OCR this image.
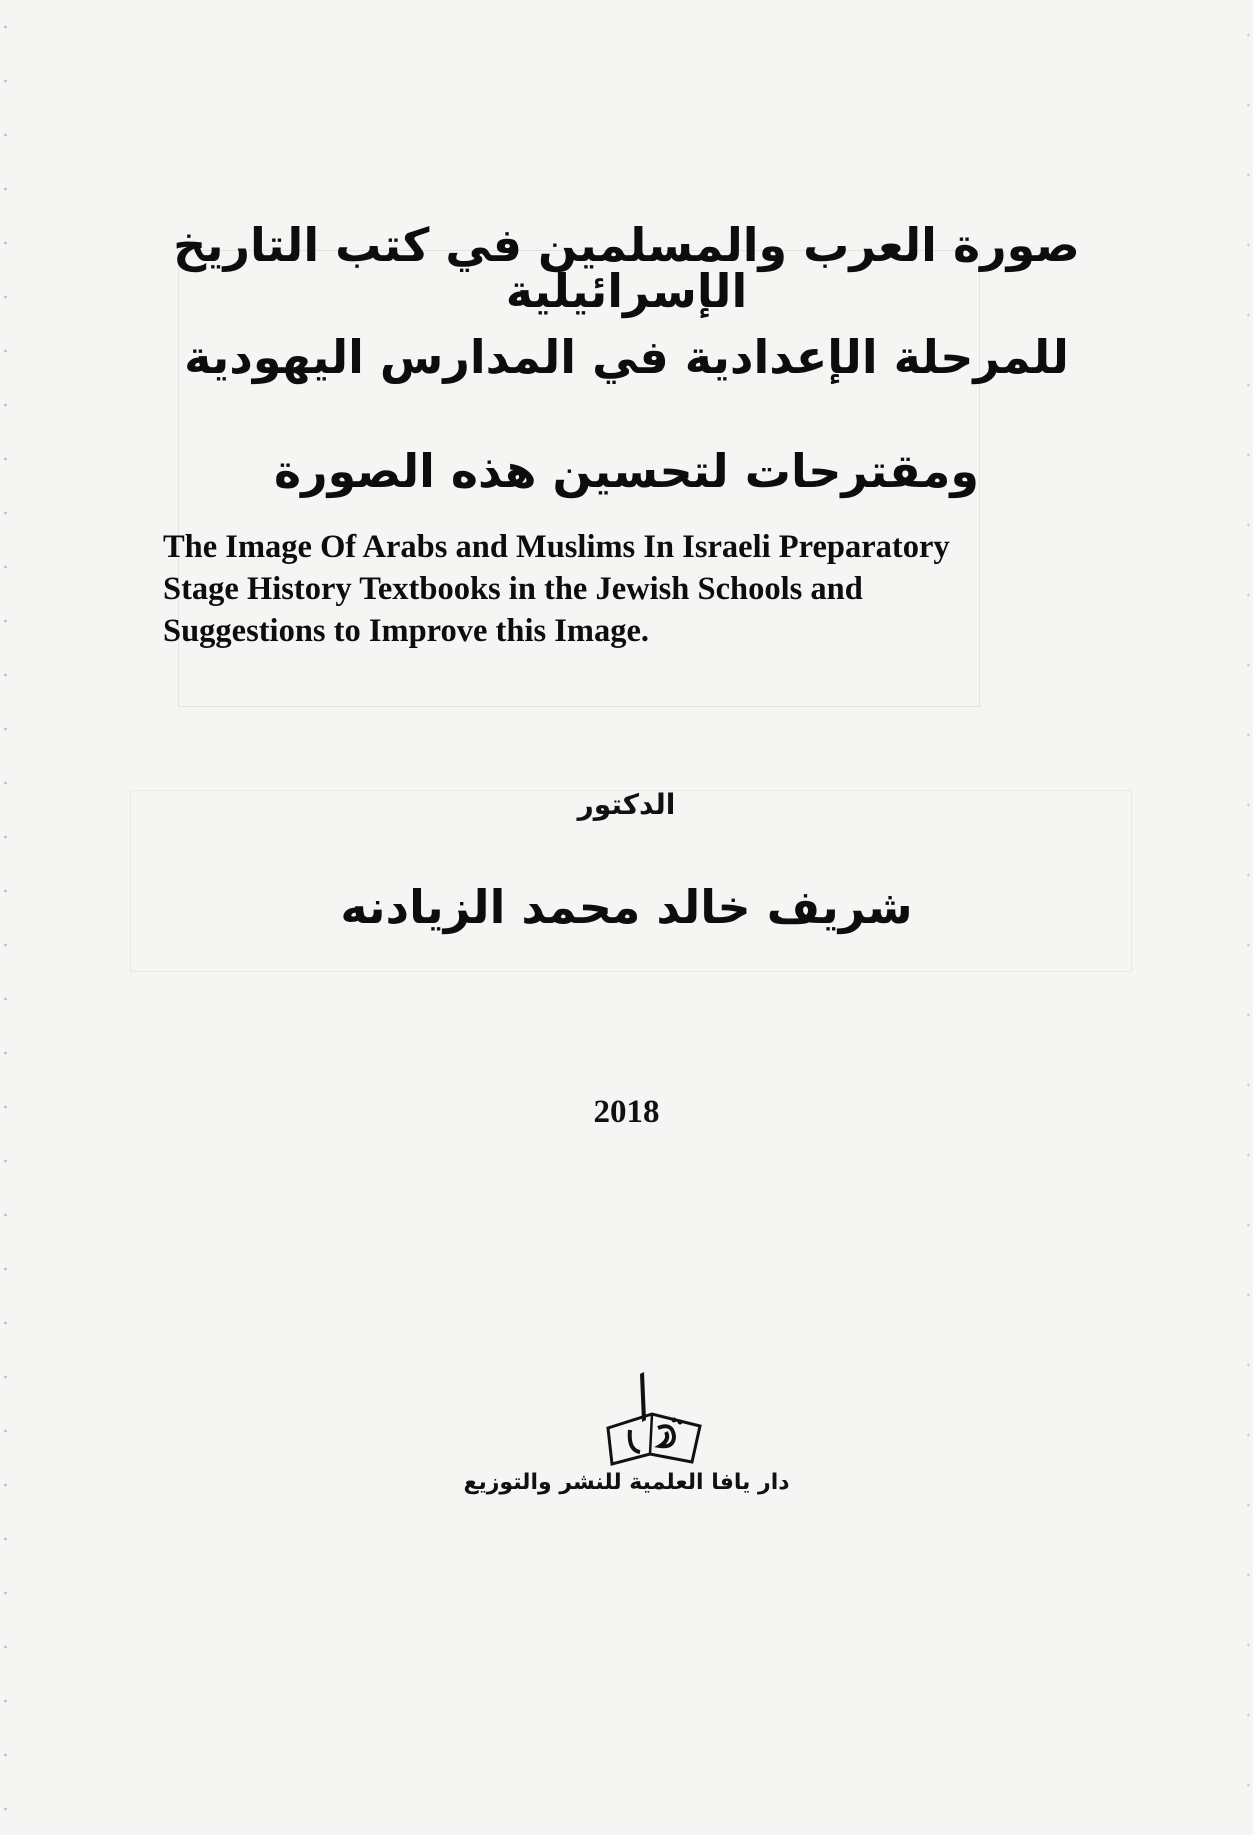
صورة العرب والمسلمين في كتب التاريخ الإسرائيلية
للمرحلة الإعدادية في المدارس اليهودية
ومقترحات لتحسين هذه الصورة
The Image Of Arabs and Muslims In Israeli Preparatory
Stage History Textbooks in the Jewish Schools and
Suggestions to Improve this Image.
الدكتور
شريف خالد محمد الزيادنه
2018
دار يافا العلمية للنشر والتوزيع
